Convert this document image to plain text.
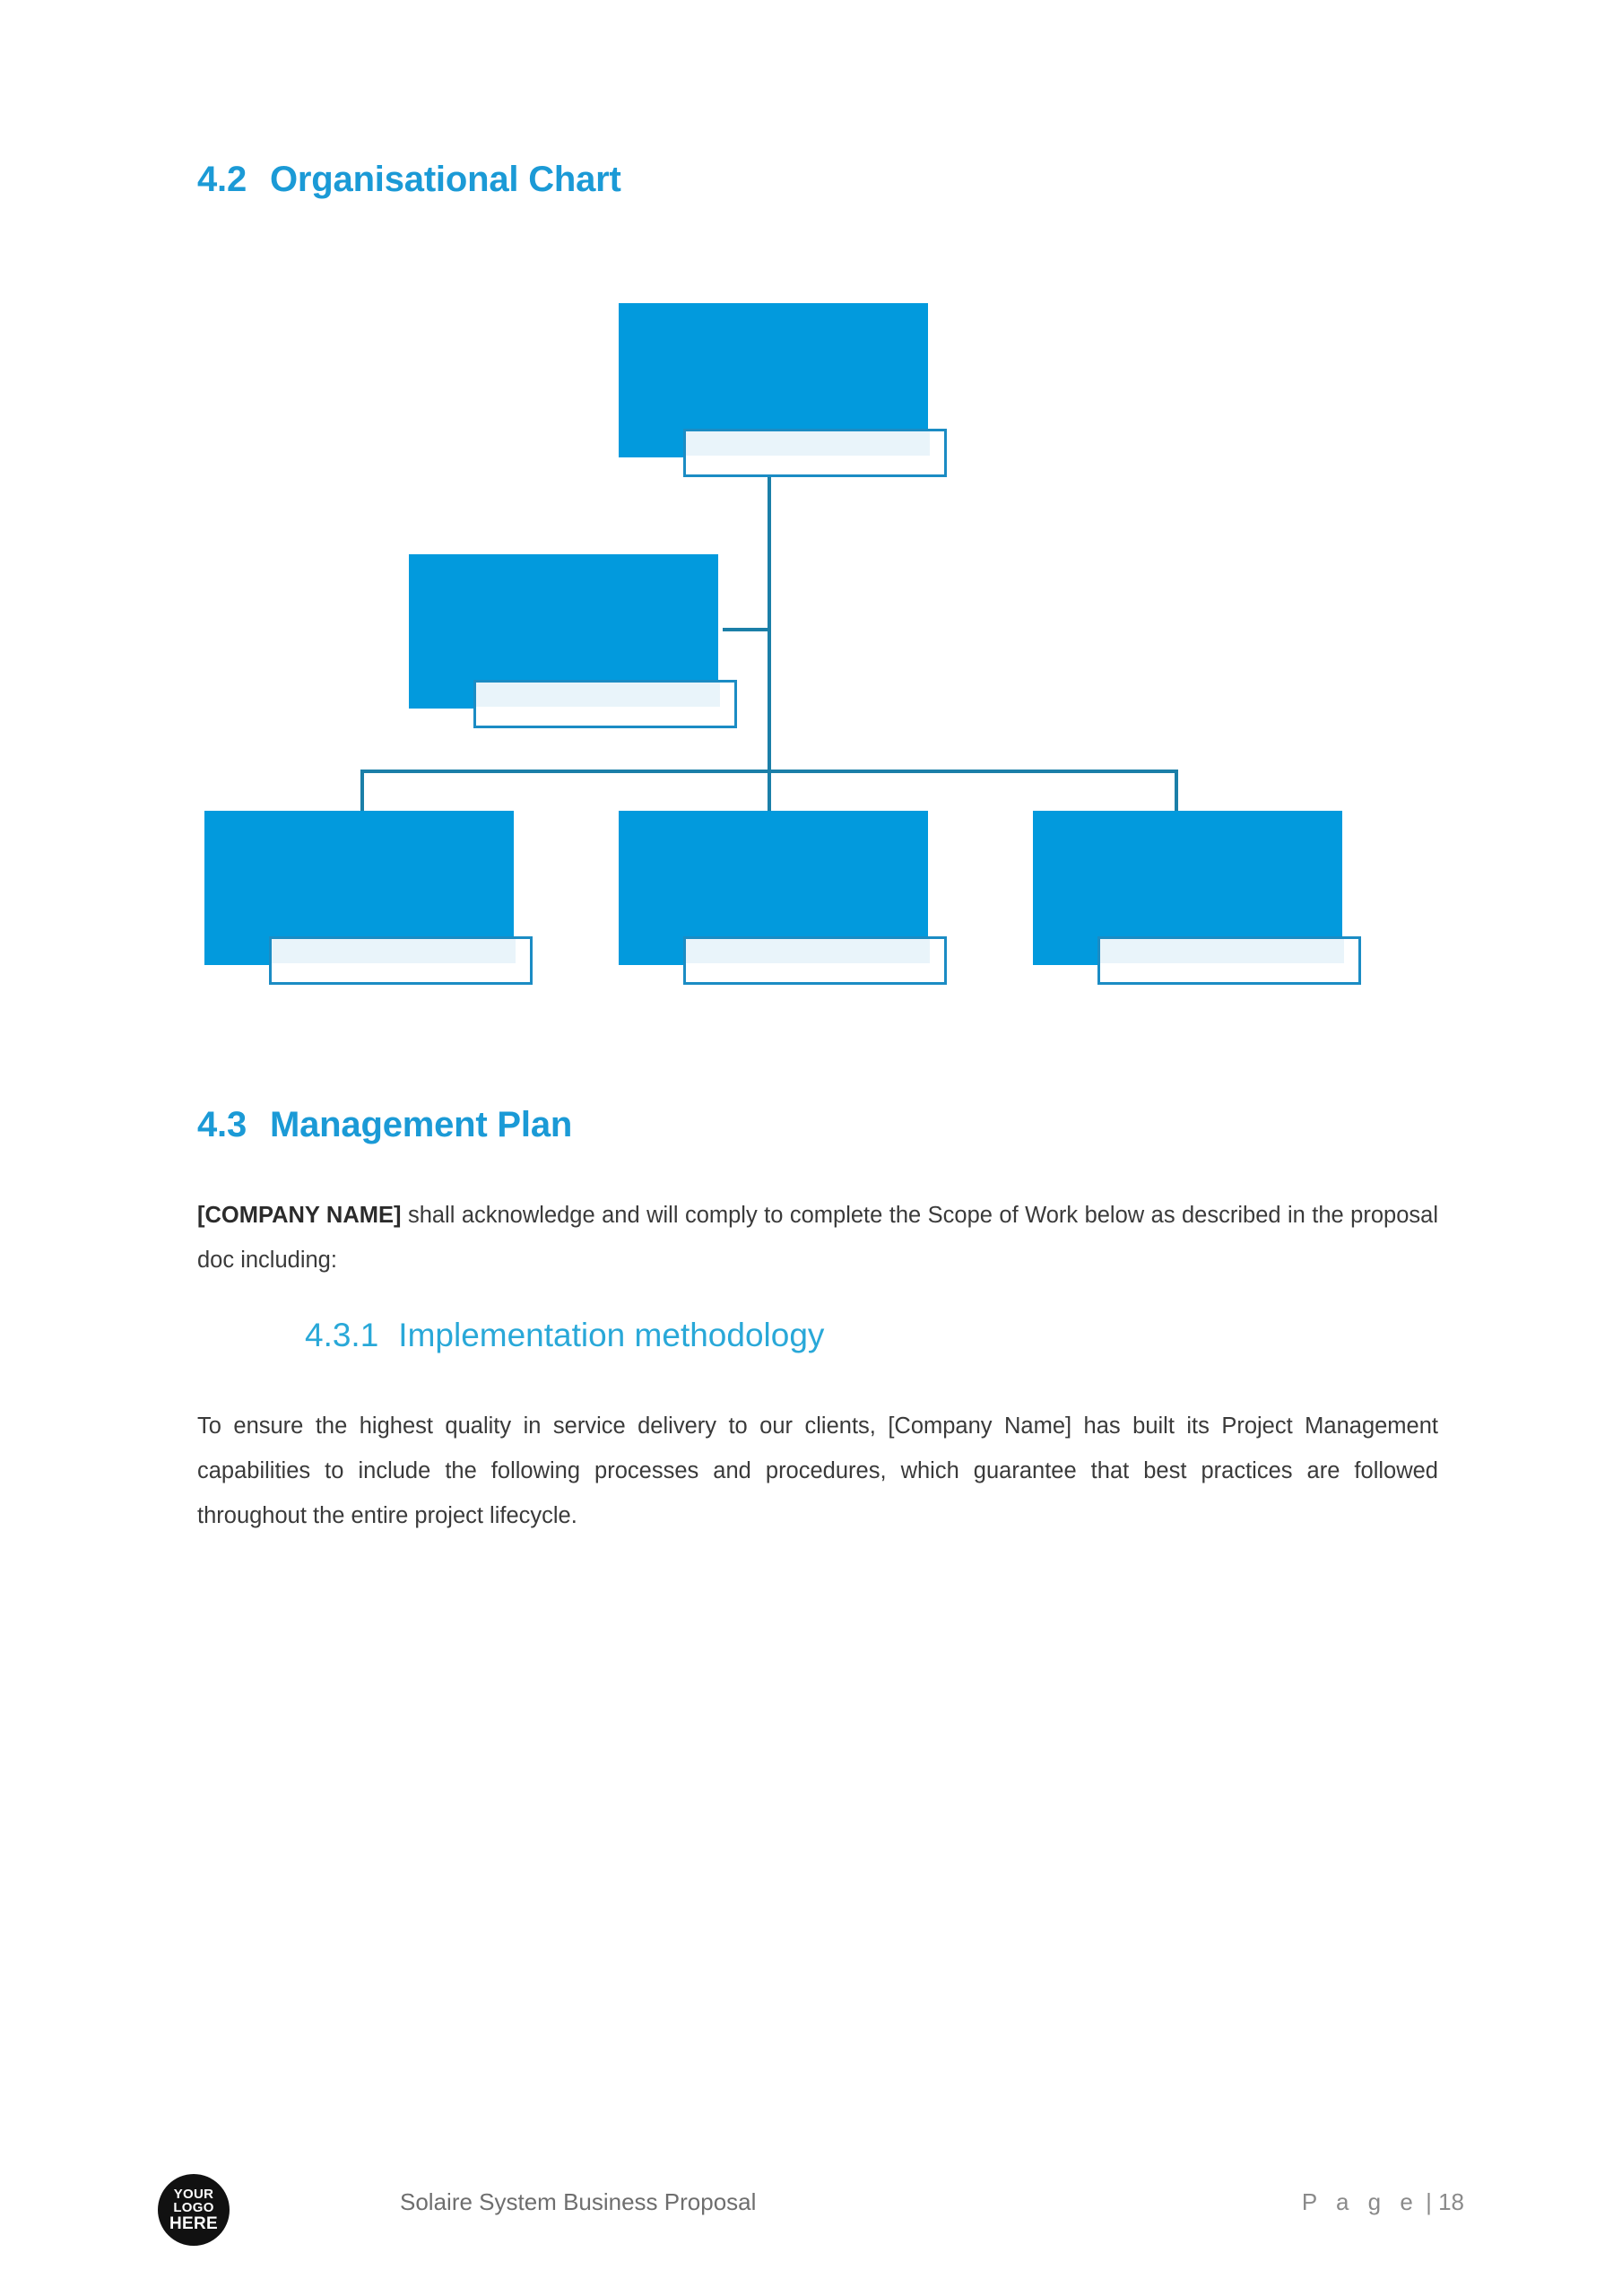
4.2 Organisational Chart
4.3 Management Plan
[COMPANY NAME] shall acknowledge and will comply to complete the Scope of Work below as described in the proposal doc including:
4.3.1 Implementation methodology
To ensure the highest quality in service delivery to our clients, [Company Name] has built its Project Management capabilities to include the following processes and procedures, which guarantee that best practices are followed throughout the entire project lifecycle.
YOUR
LOGO
HERE
Solaire System Business Proposal	P a g e | 18
